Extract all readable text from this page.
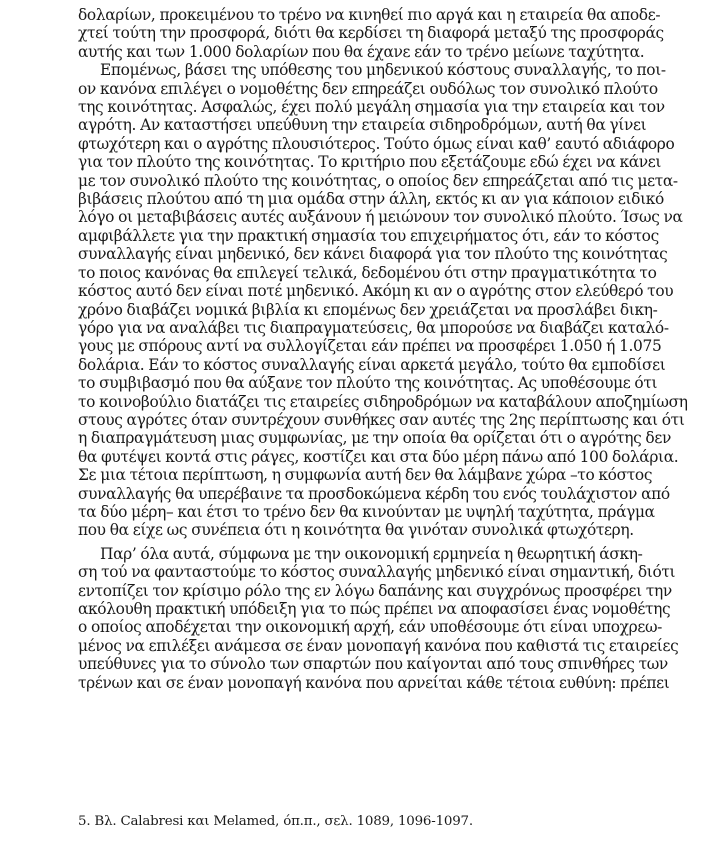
δολαρίων, προκειμένου το τρένο να κινηθεί πιο αργά και η εταιρεία θα αποδε-
χτεί τούτη την προσφορά, διότι θα κερδίσει τη διαφορά μεταξύ της προσφοράς
αυτής και των 1.000 δολαρίων που θα έχανε εάν το τρένο μείωνε ταχύτητα.
Επομένως, βάσει της υπόθεσης του μηδενικού κόστους συναλλαγής, το ποι-
ον κανόνα επιλέγει ο νομοθέτης δεν επηρεάζει ουδόλως τον συνολικό πλούτο
της κοινότητας. Ασφαλώς, έχει πολύ μεγάλη σημασία για την εταιρεία και τον
αγρότη. Αν καταστήσει υπεύθυνη την εταιρεία σιδηροδρόμων, αυτή θα γίνει
φτωχότερη και ο αγρότης πλουσιότερος. Τούτο όμως είναι καθ’ εαυτό αδιάφορο
για τον πλούτο της κοινότητας. Το κριτήριο που εξετάζουμε εδώ έχει να κάνει
με τον συνολικό πλούτο της κοινότητας, ο οποίος δεν επηρεάζεται από τις μετα-
βιβάσεις πλούτου από τη μια ομάδα στην άλλη, εκτός κι αν για κάποιον ειδικό
λόγο οι μεταβιβάσεις αυτές αυξάνουν ή μειώνουν τον συνολικό πλούτο. Ίσως να
αμφιβάλλετε για την πρακτική σημασία του επιχειρήματος ότι, εάν το κόστος
συναλλαγής είναι μηδενικό, δεν κάνει διαφορά για τον πλούτο της κοινότητας
το ποιος κανόνας θα επιλεγεί τελικά, δεδομένου ότι στην πραγματικότητα το
κόστος αυτό δεν είναι ποτέ μηδενικό. Ακόμη κι αν ο αγρότης στον ελεύθερό του
χρόνο διαβάζει νομικά βιβλία κι επομένως δεν χρειάζεται να προσλάβει δικη-
γόρο για να αναλάβει τις διαπραγματεύσεις, θα μπορούσε να διαβάζει καταλό-
γους με σπόρους αντί να συλλογίζεται εάν πρέπει να προσφέρει 1.050 ή 1.075
δολάρια. Εάν το κόστος συναλλαγής είναι αρκετά μεγάλο, τούτο θα εμποδίσει
το συμβιβασμό που θα αύξανε τον πλούτο της κοινότητας. Ας υποθέσουμε ότι
το κοινοβούλιο διατάζει τις εταιρείες σιδηροδρόμων να καταβάλουν αποζημίωση
στους αγρότες όταν συντρέχουν συνθήκες σαν αυτές της 2ης περίπτωσης και ότι
η διαπραγμάτευση μιας συμφωνίας, με την οποία θα ορίζεται ότι ο αγρότης δεν
θα φυτέψει κοντά στις ράγες, κοστίζει και στα δύο μέρη πάνω από 100 δολάρια.
Σε μια τέτοια περίπτωση, η συμφωνία αυτή δεν θα λάμβανε χώρα –το κόστος
συναλλαγής θα υπερέβαινε τα προσδοκώμενα κέρδη του ενός τουλάχιστον από
τα δύο μέρη– και έτσι το τρένο δεν θα κινούνταν με υψηλή ταχύτητα, πράγμα
που θα είχε ως συνέπεια ότι η κοινότητα θα γινόταν συνολικά φτωχότερη.
Παρ’ όλα αυτά, σύμφωνα με την οικονομική ερμηνεία η θεωρητική άσκη-
ση τού να φανταστούμε το κόστος συναλλαγής μηδενικό είναι σημαντική, διότι
εντοπίζει τον κρίσιμο ρόλο της εν λόγω δαπάνης και συγχρόνως προσφέρει την
ακόλουθη πρακτική υπόδειξη για το πώς πρέπει να αποφασίσει ένας νομοθέτης
ο οποίος αποδέχεται την οικονομική αρχή, εάν υποθέσουμε ότι είναι υποχρεω-
μένος να επιλέξει ανάμεσα σε έναν μονοπαγή κανόνα που καθιστά τις εταιρείες
υπεύθυνες για το σύνολο των σπαρτών που καίγονται από τους σπινθήρες των
τρένων και σε έναν μονοπαγή κανόνα που αρνείται κάθε τέτοια ευθύνη: πρέπει
5. Βλ. Calabresi και Melamed, όπ.π., σελ. 1089, 1096-1097.
